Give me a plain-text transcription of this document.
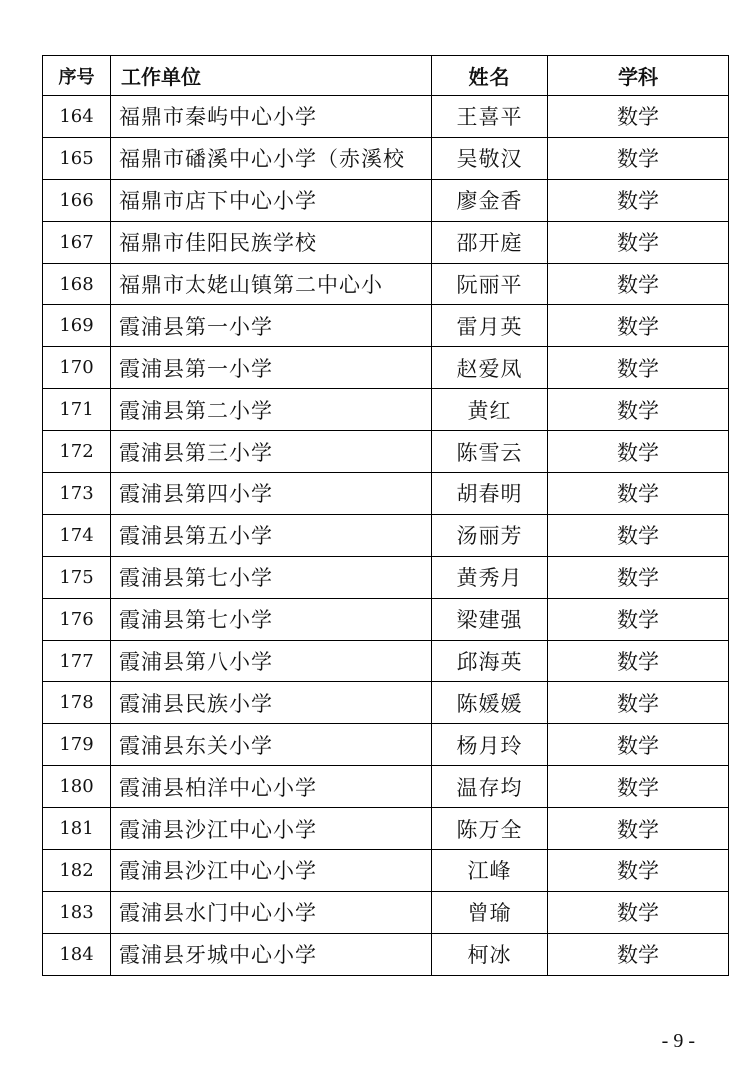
序号	工作单位	姓名	学科
164	福鼎市秦屿中心小学	王喜平	数学
165	福鼎市磻溪中心小学（赤溪校	吴敬汉	数学
166	福鼎市店下中心小学	廖金香	数学
167	福鼎市佳阳民族学校	邵开庭	数学
168	福鼎市太姥山镇第二中心小	阮丽平	数学
169	霞浦县第一小学	雷月英	数学
170	霞浦县第一小学	赵爱凤	数学
171	霞浦县第二小学	黄红	数学
172	霞浦县第三小学	陈雪云	数学
173	霞浦县第四小学	胡春明	数学
174	霞浦县第五小学	汤丽芳	数学
175	霞浦县第七小学	黄秀月	数学
176	霞浦县第七小学	梁建强	数学
177	霞浦县第八小学	邱海英	数学
178	霞浦县民族小学	陈媛媛	数学
179	霞浦县东关小学	杨月玲	数学
180	霞浦县柏洋中心小学	温存均	数学
181	霞浦县沙江中心小学	陈万全	数学
182	霞浦县沙江中心小学	江峰	数学
183	霞浦县水门中心小学	曾瑜	数学
184	霞浦县牙城中心小学	柯冰	数学
- 9 -
